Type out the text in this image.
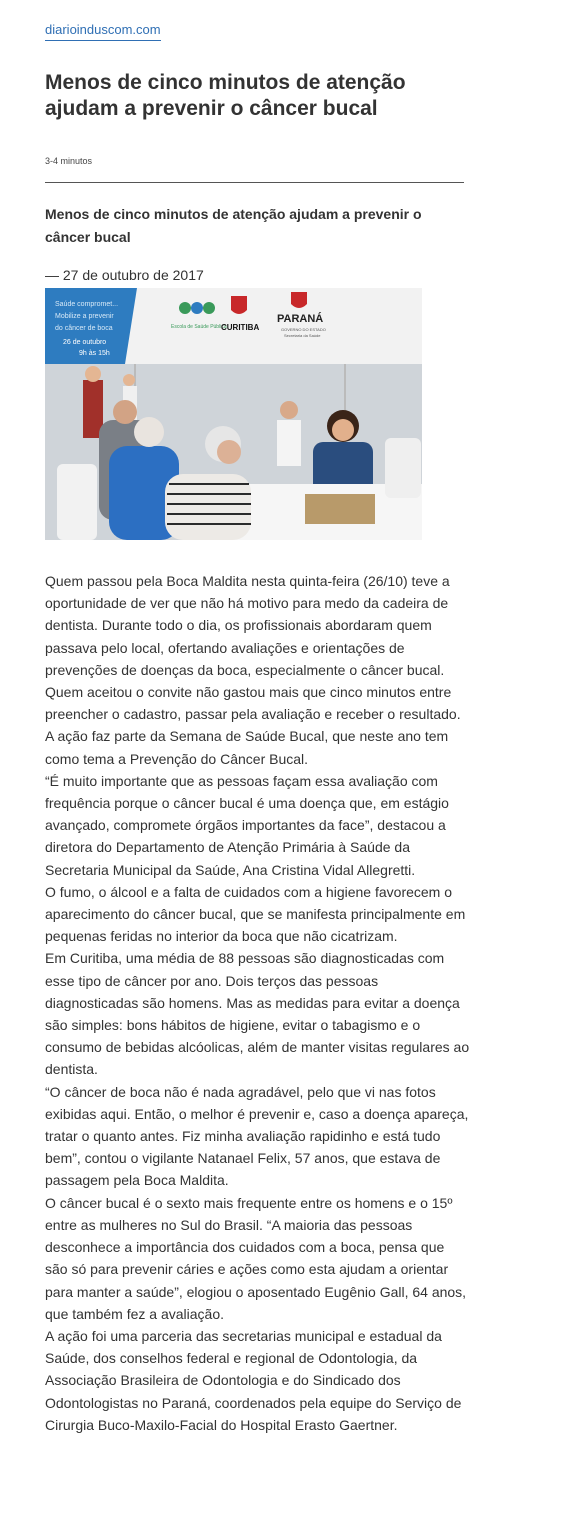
diarioinduscom.com
Menos de cinco minutos de atenção ajudam a prevenir o câncer bucal
3-4 minutos
Menos de cinco minutos de atenção ajudam a prevenir o câncer bucal
— 27 de outubro de 2017
Saúde compromet...
Mobilize a prevenir
do câncer de boca
26 de outubro
9h às 15h
Escola de Saúde Pública
CURITIBA
PARANÁ
GOVERNO DO ESTADO
Secretaria da Saúde

Quem passou pela Boca Maldita nesta quinta-feira (26/10) teve a oportunidade de ver que não há motivo para medo da cadeira de dentista. Durante todo o dia, os profissionais abordaram quem passava pelo local, ofertando avaliações e orientações de prevenções de doenças da boca, especialmente o câncer bucal. Quem aceitou o convite não gastou mais que cinco minutos entre preencher o cadastro, passar pela avaliação e receber o resultado. A ação faz parte da Semana de Saúde Bucal, que neste ano tem como tema a Prevenção do Câncer Bucal.

“É muito importante que as pessoas façam essa avaliação com frequência porque o câncer bucal é uma doença que, em estágio avançado, compromete órgãos importantes da face”, destacou a diretora do Departamento de Atenção Primária à Saúde da Secretaria Municipal da Saúde, Ana Cristina Vidal Allegretti.

O fumo, o álcool e a falta de cuidados com a higiene favorecem o aparecimento do câncer bucal, que se manifesta principalmente em pequenas feridas no interior da boca que não cicatrizam.

Em Curitiba, uma média de 88 pessoas são diagnosticadas com esse tipo de câncer por ano. Dois terços das pessoas diagnosticadas são homens. Mas as medidas para evitar a doença são simples: bons hábitos de higiene, evitar o tabagismo e o consumo de bebidas alcóolicas, além de manter visitas regulares ao dentista.

“O câncer de boca não é nada agradável, pelo que vi nas fotos exibidas aqui. Então, o melhor é prevenir e, caso a doença apareça, tratar o quanto antes. Fiz minha avaliação rapidinho e está tudo bem”, contou o vigilante Natanael Felix, 57 anos, que estava de passagem pela Boca Maldita.

O câncer bucal é o sexto mais frequente entre os homens e o 15º entre as mulheres no Sul do Brasil. “A maioria das pessoas desconhece a importância dos cuidados com a boca, pensa que são só para prevenir cáries e ações como esta ajudam a orientar para manter a saúde”, elogiou o aposentado Eugênio Gall, 64 anos, que também fez a avaliação.

A ação foi uma parceria das secretarias municipal e estadual da Saúde, dos conselhos federal e regional de Odontologia, da Associação Brasileira de Odontologia e do Sindicado dos Odontologistas no Paraná, coordenados pela equipe do Serviço de Cirurgia Buco-Maxilo-Facial do Hospital Erasto Gaertner.
